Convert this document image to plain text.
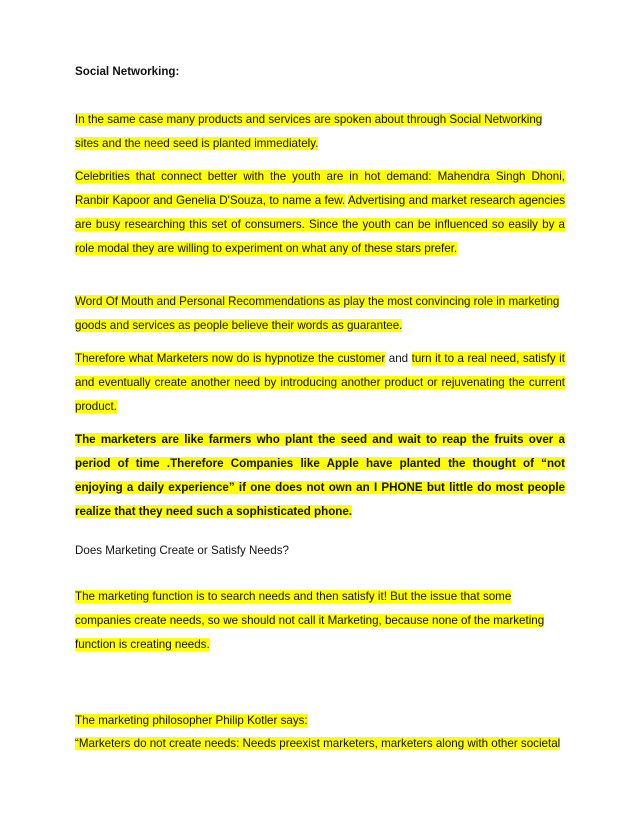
Social Networking:

In the same case many products and services are spoken about through Social Networking sites and the need seed is planted immediately.

Celebrities that connect better with the youth are in hot demand: Mahendra Singh Dhoni, Ranbir Kapoor and Genelia D'Souza, to name a few. Advertising and market research agencies are busy researching this set of consumers. Since the youth can be influenced so easily by a role modal they are willing to experiment on what any of these stars prefer.

Word Of Mouth and Personal Recommendations as play the most convincing role in marketing goods and services as people believe their words as guarantee.

Therefore what Marketers now do is hypnotize the customer and turn it to a real need, satisfy it and eventually create another need by introducing another product or rejuvenating the current product.

The marketers are like farmers who plant the seed and wait to reap the fruits over a period of time .Therefore Companies like Apple have planted the thought of “not enjoying a daily experience” if one does not own an I PHONE but little do most people realize that they need such a sophisticated phone.

Does Marketing Create or Satisfy Needs?

The marketing function is to search needs and then satisfy it! But the issue that some companies create needs, so we should not call it Marketing, because none of the marketing function is creating needs.

The marketing philosopher Philip Kotler says:

“Marketers do not create needs: Needs preexist marketers, marketers along with other societal
